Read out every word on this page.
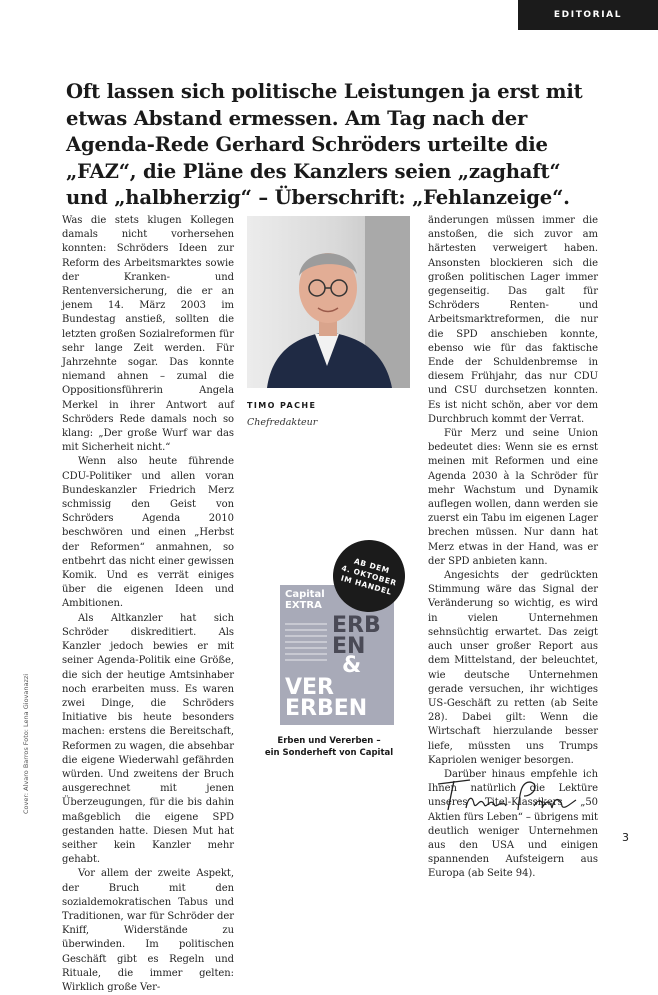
EDITORIAL
Oft lassen sich politische Leistungen ja erst mit etwas Abstand ermessen. Am Tag nach der Agenda-Rede Gerhard Schröders urteilte die „FAZ“, die Pläne des Kanzlers seien „zaghaft“ und „halbherzig“ – Überschrift: „Fehlanzeige“.

Was die stets klugen Kollegen damals nicht vorhersehen konnten: Schröders Ideen zur Reform des Arbeitsmarktes sowie der Kranken- und Rentenversicherung, die er an jenem 14. März 2003 im Bundestag anstieß, sollten die letzten großen Sozialreformen für sehr lange Zeit werden. Für Jahrzehnte sogar. Das konnte niemand ahnen – zumal die Oppositionsführerin Angela Merkel in ihrer Antwort auf Schröders Rede damals noch so klang: „Der große Wurf war das mit Sicherheit nicht.“

Wenn also heute führende CDU-Politiker und allen voran Bundeskanzler Friedrich Merz schmissig den Geist von Schröders Agenda 2010 beschwören und einen „Herbst der Reformen“ anmahnen, so entbehrt das nicht einer gewissen Komik. Und es verrät einiges über die eigenen Ideen und Ambitionen.

Als Altkanzler hat sich Schröder diskreditiert. Als Kanzler jedoch bewies er mit seiner Agenda-Politik eine Größe, die sich der heutige Amtsinhaber noch erarbeiten muss. Es waren zwei Dinge, die Schröders Initiative bis heute besonders machen: erstens die Bereitschaft, Reformen zu wagen, die absehbar die eigene Wiederwahl gefährden würden. Und zweitens der Bruch ausgerechnet mit jenen Überzeugungen, für die bis dahin maßgeblich die eigene SPD gestanden hatte. Diesen Mut hat seither kein Kanzler mehr gehabt.

Vor allem der zweite Aspekt, der Bruch mit den sozialdemokratischen Tabus und Traditionen, war für Schröder der Kniff, Widerstände zu überwinden. Im politischen Geschäft gibt es Regeln und Rituale, die immer gelten: Wirklich große Ver-

TIMO PACHE
Chefredakteur

änderungen müssen immer die anstoßen, die sich zuvor am härtesten verweigert haben. Ansonsten blockieren sich die großen politischen Lager immer gegenseitig. Das galt für Schröders Renten- und Arbeitsmarktreformen, die nur die SPD anschieben konnte, ebenso wie für das faktische Ende der Schuldenbremse in diesem Frühjahr, das nur CDU und CSU durchsetzen konnten. Es ist nicht schön, aber vor dem Durchbruch kommt der Verrat.

Für Merz und seine Union bedeutet dies: Wenn sie es ernst meinen mit Reformen und eine Agenda 2030 à la Schröder für mehr Wachstum und Dynamik auflegen wollen, dann werden sie zuerst ein Tabu im eigenen Lager brechen müssen. Nur dann hat Merz etwas in der Hand, was er der SPD anbieten kann.

Angesichts der gedrückten Stimmung wäre das Signal der Veränderung so wichtig, es wird in vielen Unternehmen sehnsüchtig erwartet. Das zeigt auch unser großer Report aus dem Mittelstand, der beleuchtet, wie deutsche Unternehmen gerade versuchen, ihr wichtiges US-Geschäft zu retten (ab Seite 28). Dabei gilt: Wenn die Wirtschaft hierzulande besser liefe, müssten uns Trumps Kapriolen weniger besorgen.

Darüber hinaus empfehle ich Ihnen natürlich die Lektüre unseres Titel-Klassikers „50 Aktien fürs Leben“ – übrigens mit deutlich weniger Unternehmen aus den USA und einigen spannenden Aufsteigern aus Europa (ab Seite 94).

Capital
EXTRA
ERB
EN
&
VER
ERBEN
AB DEM
4. OKTOBER
IM HANDEL
Erben und Vererben –
ein Sonderheft von Capital
Cover: Alvaro Barros Foto: Lena Giovanazzi
3
